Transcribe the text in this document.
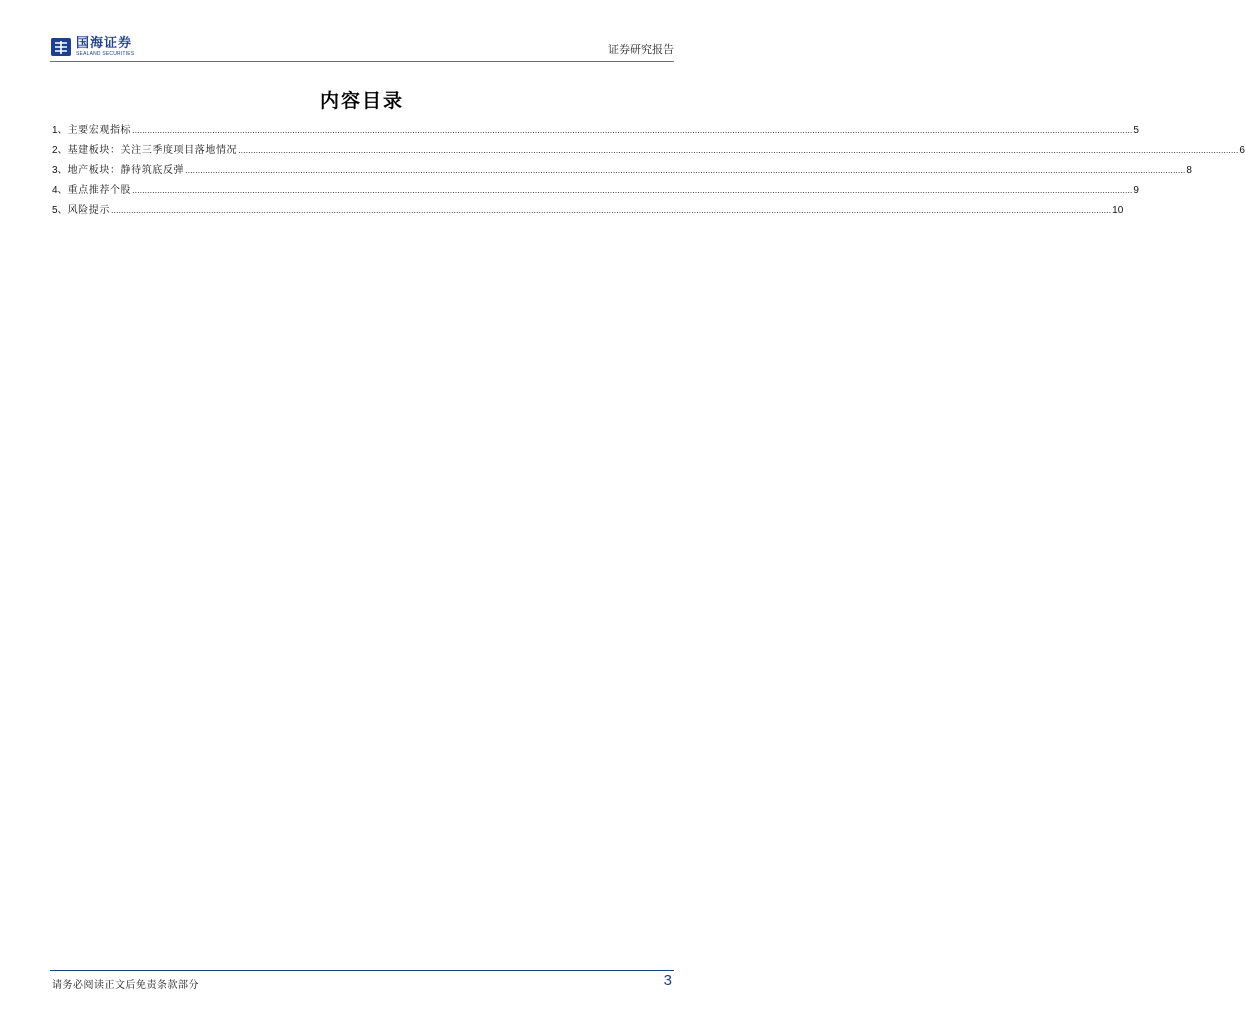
国海证券
SEALAND SECURITIES	证券研究报告
内容目录
1、 主要宏观指标 ................................................................................................................................................................................................................................................................................................................................................................................................................ 5
2、 基建板块：关注三季度项目落地情况 ................................................................................................................................................................................................................................................................................................................................................................................................................ 6
3、 地产板块：静待筑底反弹 ................................................................................................................................................................................................................................................................................................................................................................................................................ 8
4、 重点推荐个股 ................................................................................................................................................................................................................................................................................................................................................................................................................ 9
5、 风险提示 ................................................................................................................................................................................................................................................................................................................................................................................................................ 10
请务必阅读正文后免责条款部分	3
